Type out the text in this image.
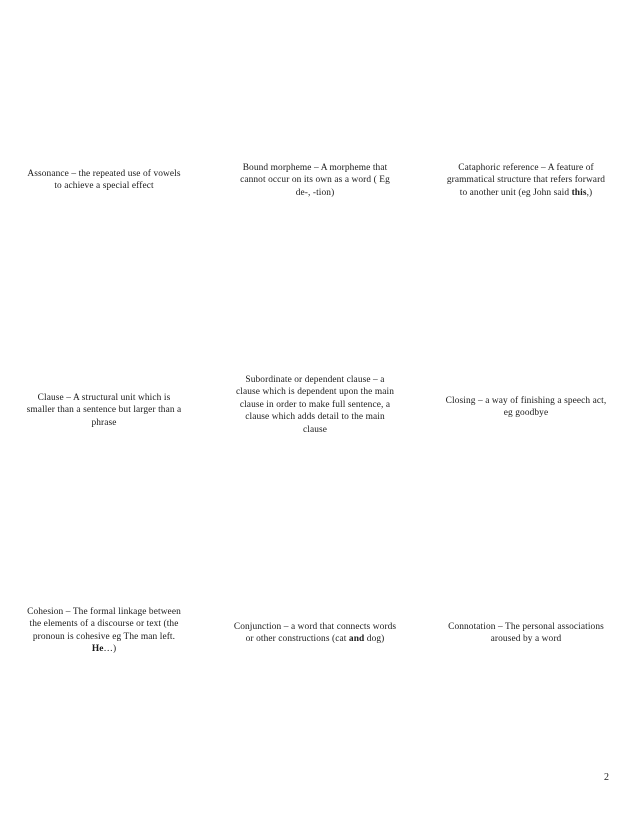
Assonance – the repeated use of vowels
to achieve a special effect
Bound morpheme – A morpheme that
cannot occur on its own as a word ( Eg
de-, -tion)
Cataphoric reference – A feature of
grammatical structure that refers forward
to another unit (eg John said this,)
Clause – A structural unit which is
smaller than a sentence but larger than a
phrase
Subordinate or dependent clause – a
clause which is dependent upon the main
clause in order to make full sentence, a
clause which adds detail to the main
clause
Closing – a way of finishing a speech act,
eg goodbye
Cohesion – The formal linkage between
the elements of a discourse or text (the
pronoun is cohesive eg The man left.
He…)
Conjunction – a word that connects words
or other constructions (cat and dog)
Connotation – The personal associations
aroused by a word
2
